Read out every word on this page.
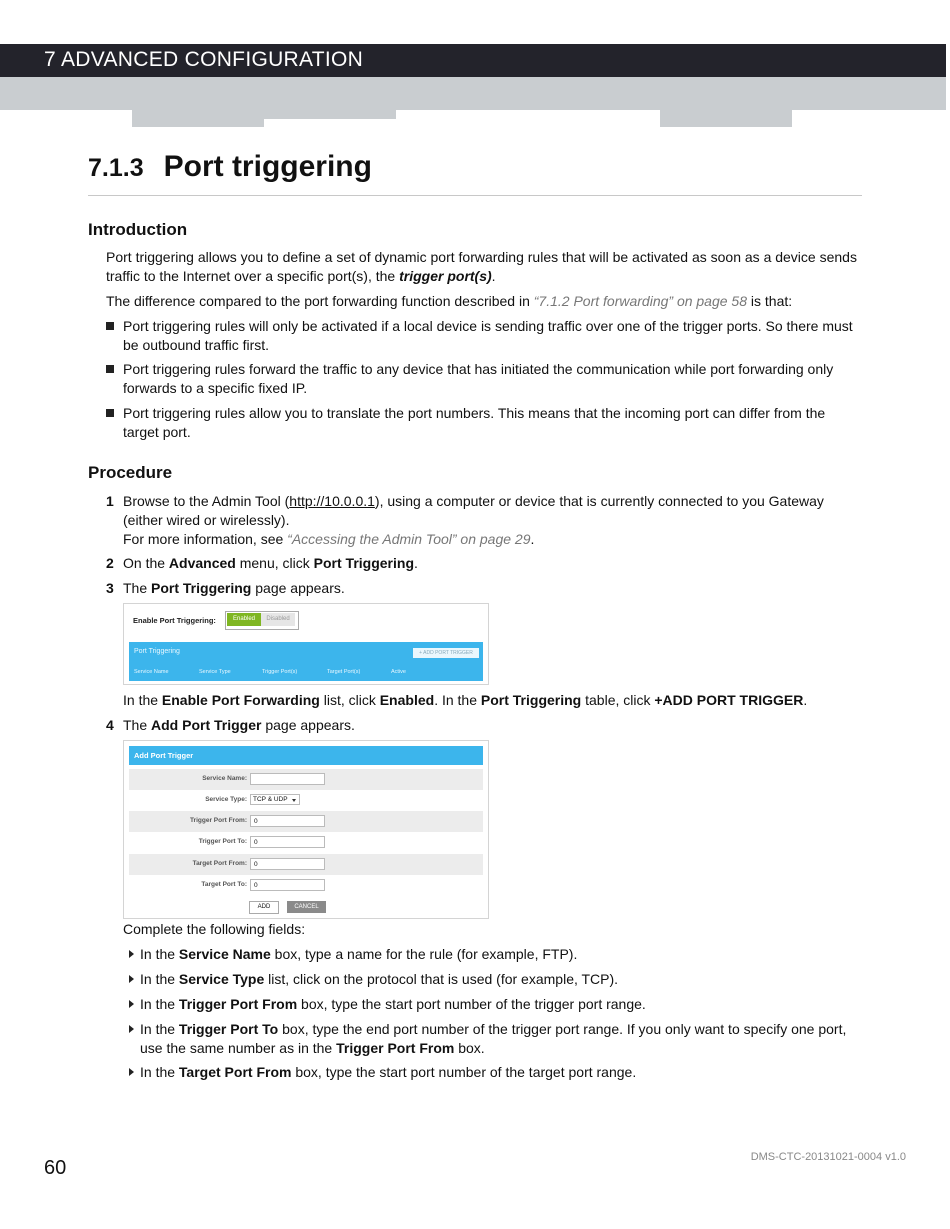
7 ADVANCED CONFIGURATION
7.1.3 Port triggering
Introduction

Port triggering allows you to define a set of dynamic port forwarding rules that will be activated as soon as a device sends traffic to the Internet over a specific port(s), the trigger port(s).

The difference compared to the port forwarding function described in “7.1.2 Port forwarding” on page 58 is that:

Port triggering rules will only be activated if a local device is sending traffic over one of the trigger ports. So there must be outbound traffic first.
Port triggering rules forward the traffic to any device that has initiated the communication while port forwarding only forwards to a specific fixed IP.
Port triggering rules allow you to translate the port numbers. This means that the incoming port can differ from the target port.
Procedure
1 Browse to the Admin Tool (http://10.0.0.1), using a computer or device that is currently connected to you Gateway (either wired or wirelessly).
For more information, see “Accessing the Admin Tool” on page 29.
2 On the Advanced menu, click Port Triggering.
3 The Port Triggering page appears.
Enable Port Triggering:	Enabled	Disabled
Port Triggering	+ ADD PORT TRIGGER
Service Name	Service Type	Trigger Port(s)	Target Port(s)	Active

In the Enable Port Forwarding list, click Enabled. In the Port Triggering table, click +ADD PORT TRIGGER.

4 The Add Port Trigger page appears.
Add Port Trigger
Service Name:
Service Type: TCP & UDP
Trigger Port From:	0
Trigger Port To:	0
Target Port From:	0
Target Port To:	0
ADD	CANCEL

Complete the following fields:

In the Service Name box, type a name for the rule (for example, FTP).
In the Service Type list, click on the protocol that is used (for example, TCP).
In the Trigger Port From box, type the start port number of the trigger port range.
In the Trigger Port To box, type the end port number of the trigger port range. If you only want to specify one port, use the same number as in the Trigger Port From box.
In the Target Port From box, type the start port number of the target port range.
60	DMS-CTC-20131021-0004 v1.0
